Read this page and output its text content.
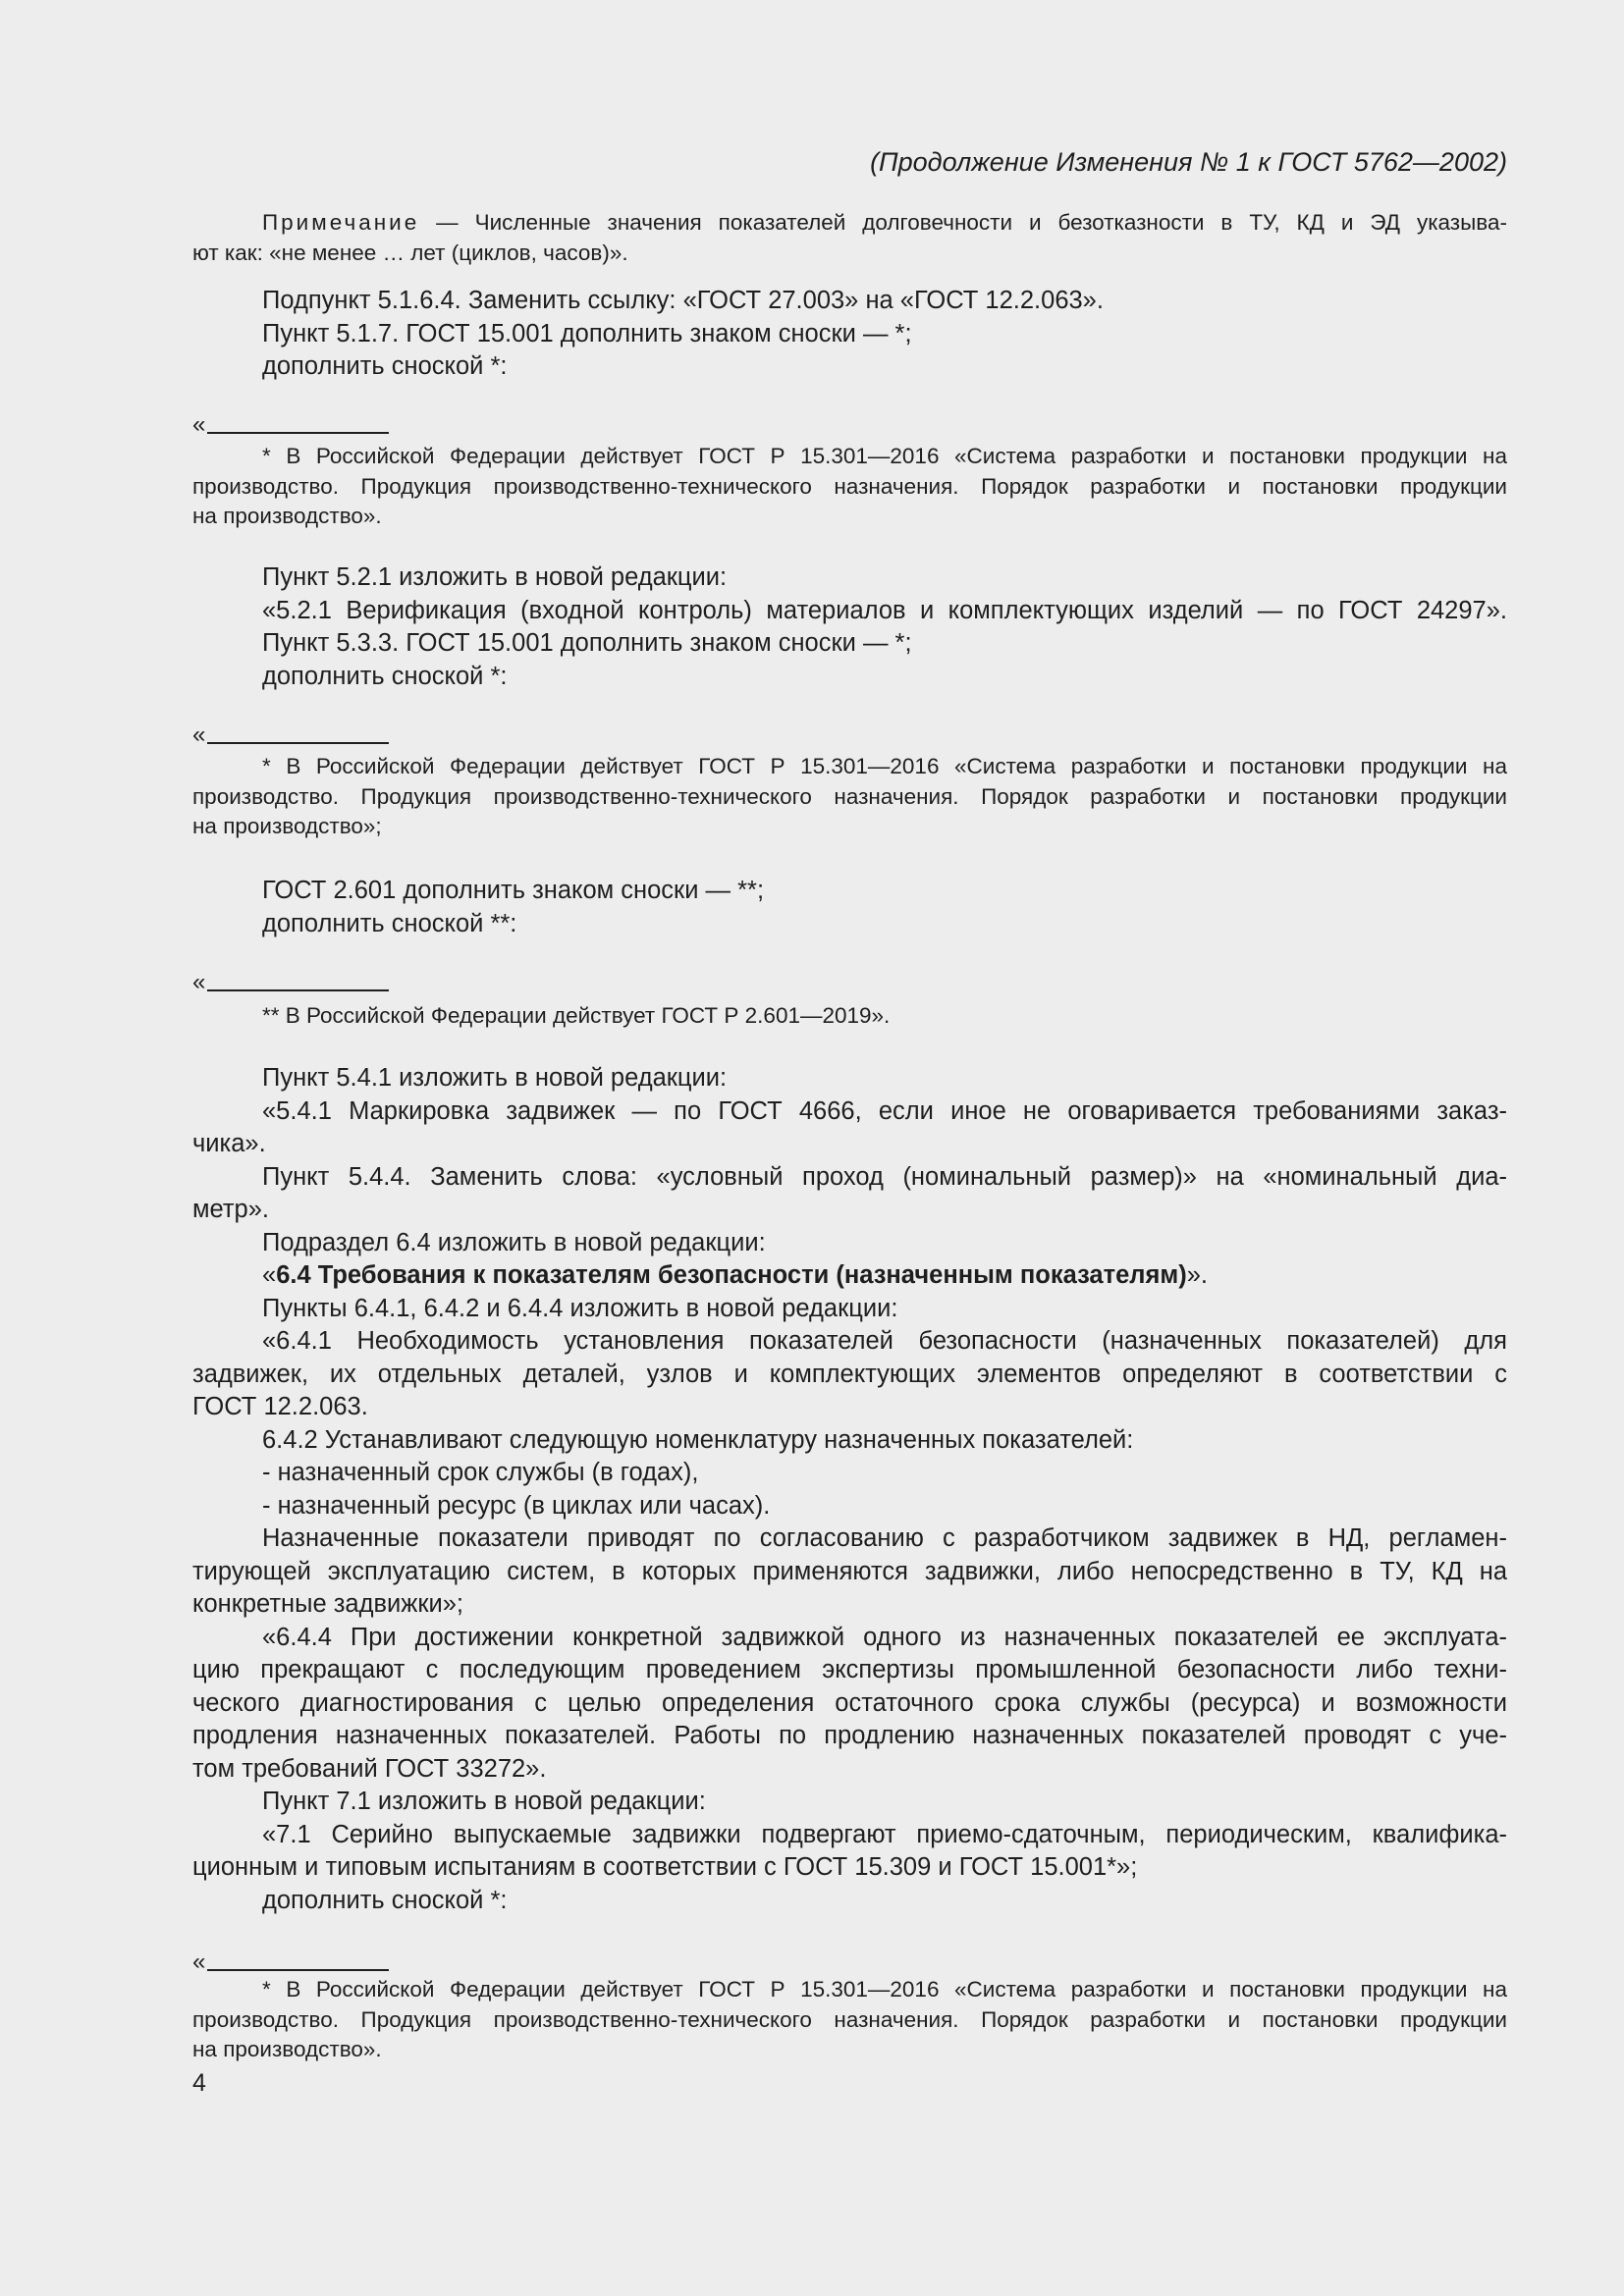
(Продолжение Изменения № 1 к ГОСТ 5762—2002)

Примечание — Численные значения показателей долговечности и безотказности в ТУ, КД и ЭД указыва-

ют как: «не менее … лет (циклов, часов)».

Подпункт 5.1.6.4. Заменить ссылку: «ГОСТ 27.003» на «ГОСТ 12.2.063».

Пункт 5.1.7. ГОСТ 15.001 дополнить знаком сноски — *;

дополнить сноской *:

«

* В Российской Федерации действует ГОСТ Р 15.301—2016 «Система разработки и постановки продукции на

производство. Продукция производственно-технического назначения. Порядок разработки и постановки продукции

на производство».

Пункт 5.2.1 изложить в новой редакции:

«5.2.1 Верификация (входной контроль) материалов и комплектующих изделий — по ГОСТ 24297».

Пункт 5.3.3. ГОСТ 15.001 дополнить знаком сноски — *;

дополнить сноской *:

«

* В Российской Федерации действует ГОСТ Р 15.301—2016 «Система разработки и постановки продукции на

производство. Продукция производственно-технического назначения. Порядок разработки и постановки продукции

на производство»;

ГОСТ 2.601 дополнить знаком сноски — **;

дополнить сноской **:

«

** В Российской Федерации действует ГОСТ Р 2.601—2019».

Пункт 5.4.1 изложить в новой редакции:

«5.4.1 Маркировка задвижек — по ГОСТ 4666, если иное не оговаривается требованиями заказ-

чика».

Пункт 5.4.4. Заменить слова: «условный проход (номинальный размер)» на «номинальный диа-

метр».

Подраздел 6.4 изложить в новой редакции:

«6.4 Требования к показателям безопасности (назначенным показателям)».

Пункты 6.4.1, 6.4.2 и 6.4.4 изложить в новой редакции:

«6.4.1 Необходимость установления показателей безопасности (назначенных показателей) для

задвижек, их отдельных деталей, узлов и комплектующих элементов определяют в соответствии с

ГОСТ 12.2.063.

6.4.2 Устанавливают следующую номенклатуру назначенных показателей:

- назначенный срок службы (в годах),

- назначенный ресурс (в циклах или часах).

Назначенные показатели приводят по согласованию с разработчиком задвижек в НД, регламен-

тирующей эксплуатацию систем, в которых применяются задвижки, либо непосредственно в ТУ, КД на

конкретные задвижки»;

«6.4.4 При достижении конкретной задвижкой одного из назначенных показателей ее эксплуата-

цию прекращают с последующим проведением экспертизы промышленной безопасности либо техни-

ческого диагностирования с целью определения остаточного срока службы (ресурса) и возможности

продления назначенных показателей. Работы по продлению назначенных показателей проводят с уче-

том требований ГОСТ 33272».

Пункт 7.1 изложить в новой редакции:

«7.1 Серийно выпускаемые задвижки подвергают приемо-сдаточным, периодическим, квалифика-

ционным и типовым испытаниям в соответствии с ГОСТ 15.309 и ГОСТ 15.001*»;

дополнить сноской *:

«

* В Российской Федерации действует ГОСТ Р 15.301—2016 «Система разработки и постановки продукции на

производство. Продукция производственно-технического назначения. Порядок разработки и постановки продукции

на производство».

4
